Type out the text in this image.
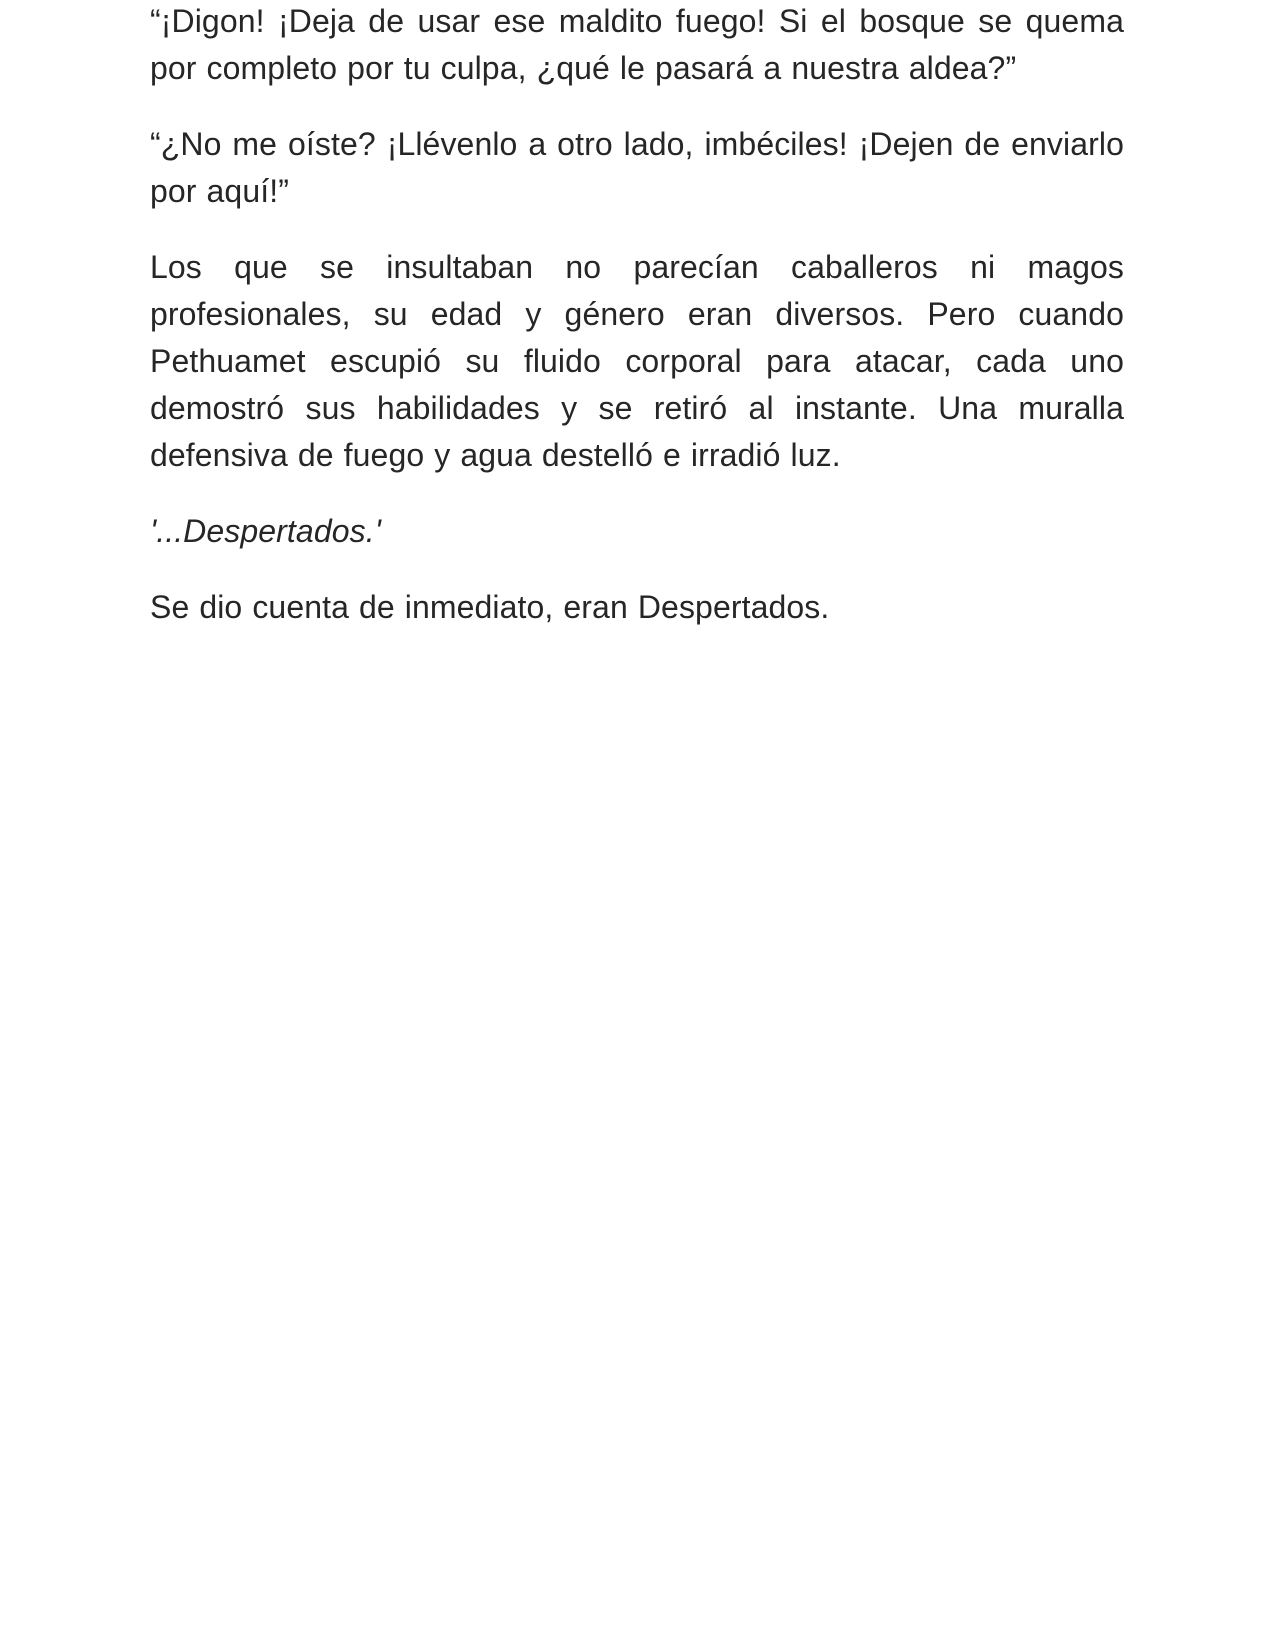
“¡Digon! ¡Deja de usar ese maldito fuego! Si el bosque se quema por completo por tu culpa, ¿qué le pasará a nuestra aldea?”

“¿No me oíste? ¡Llévenlo a otro lado, imbéciles! ¡Dejen de enviarlo por aquí!”

Los que se insultaban no parecían caballeros ni magos profesionales, su edad y género eran diversos. Pero cuando Pethuamet escupió su fluido corporal para atacar, cada uno demostró sus habilidades y se retiró al instante. Una muralla defensiva de fuego y agua destelló e irradió luz.

'...Despertados.'

Se dio cuenta de inmediato, eran Despertados.
